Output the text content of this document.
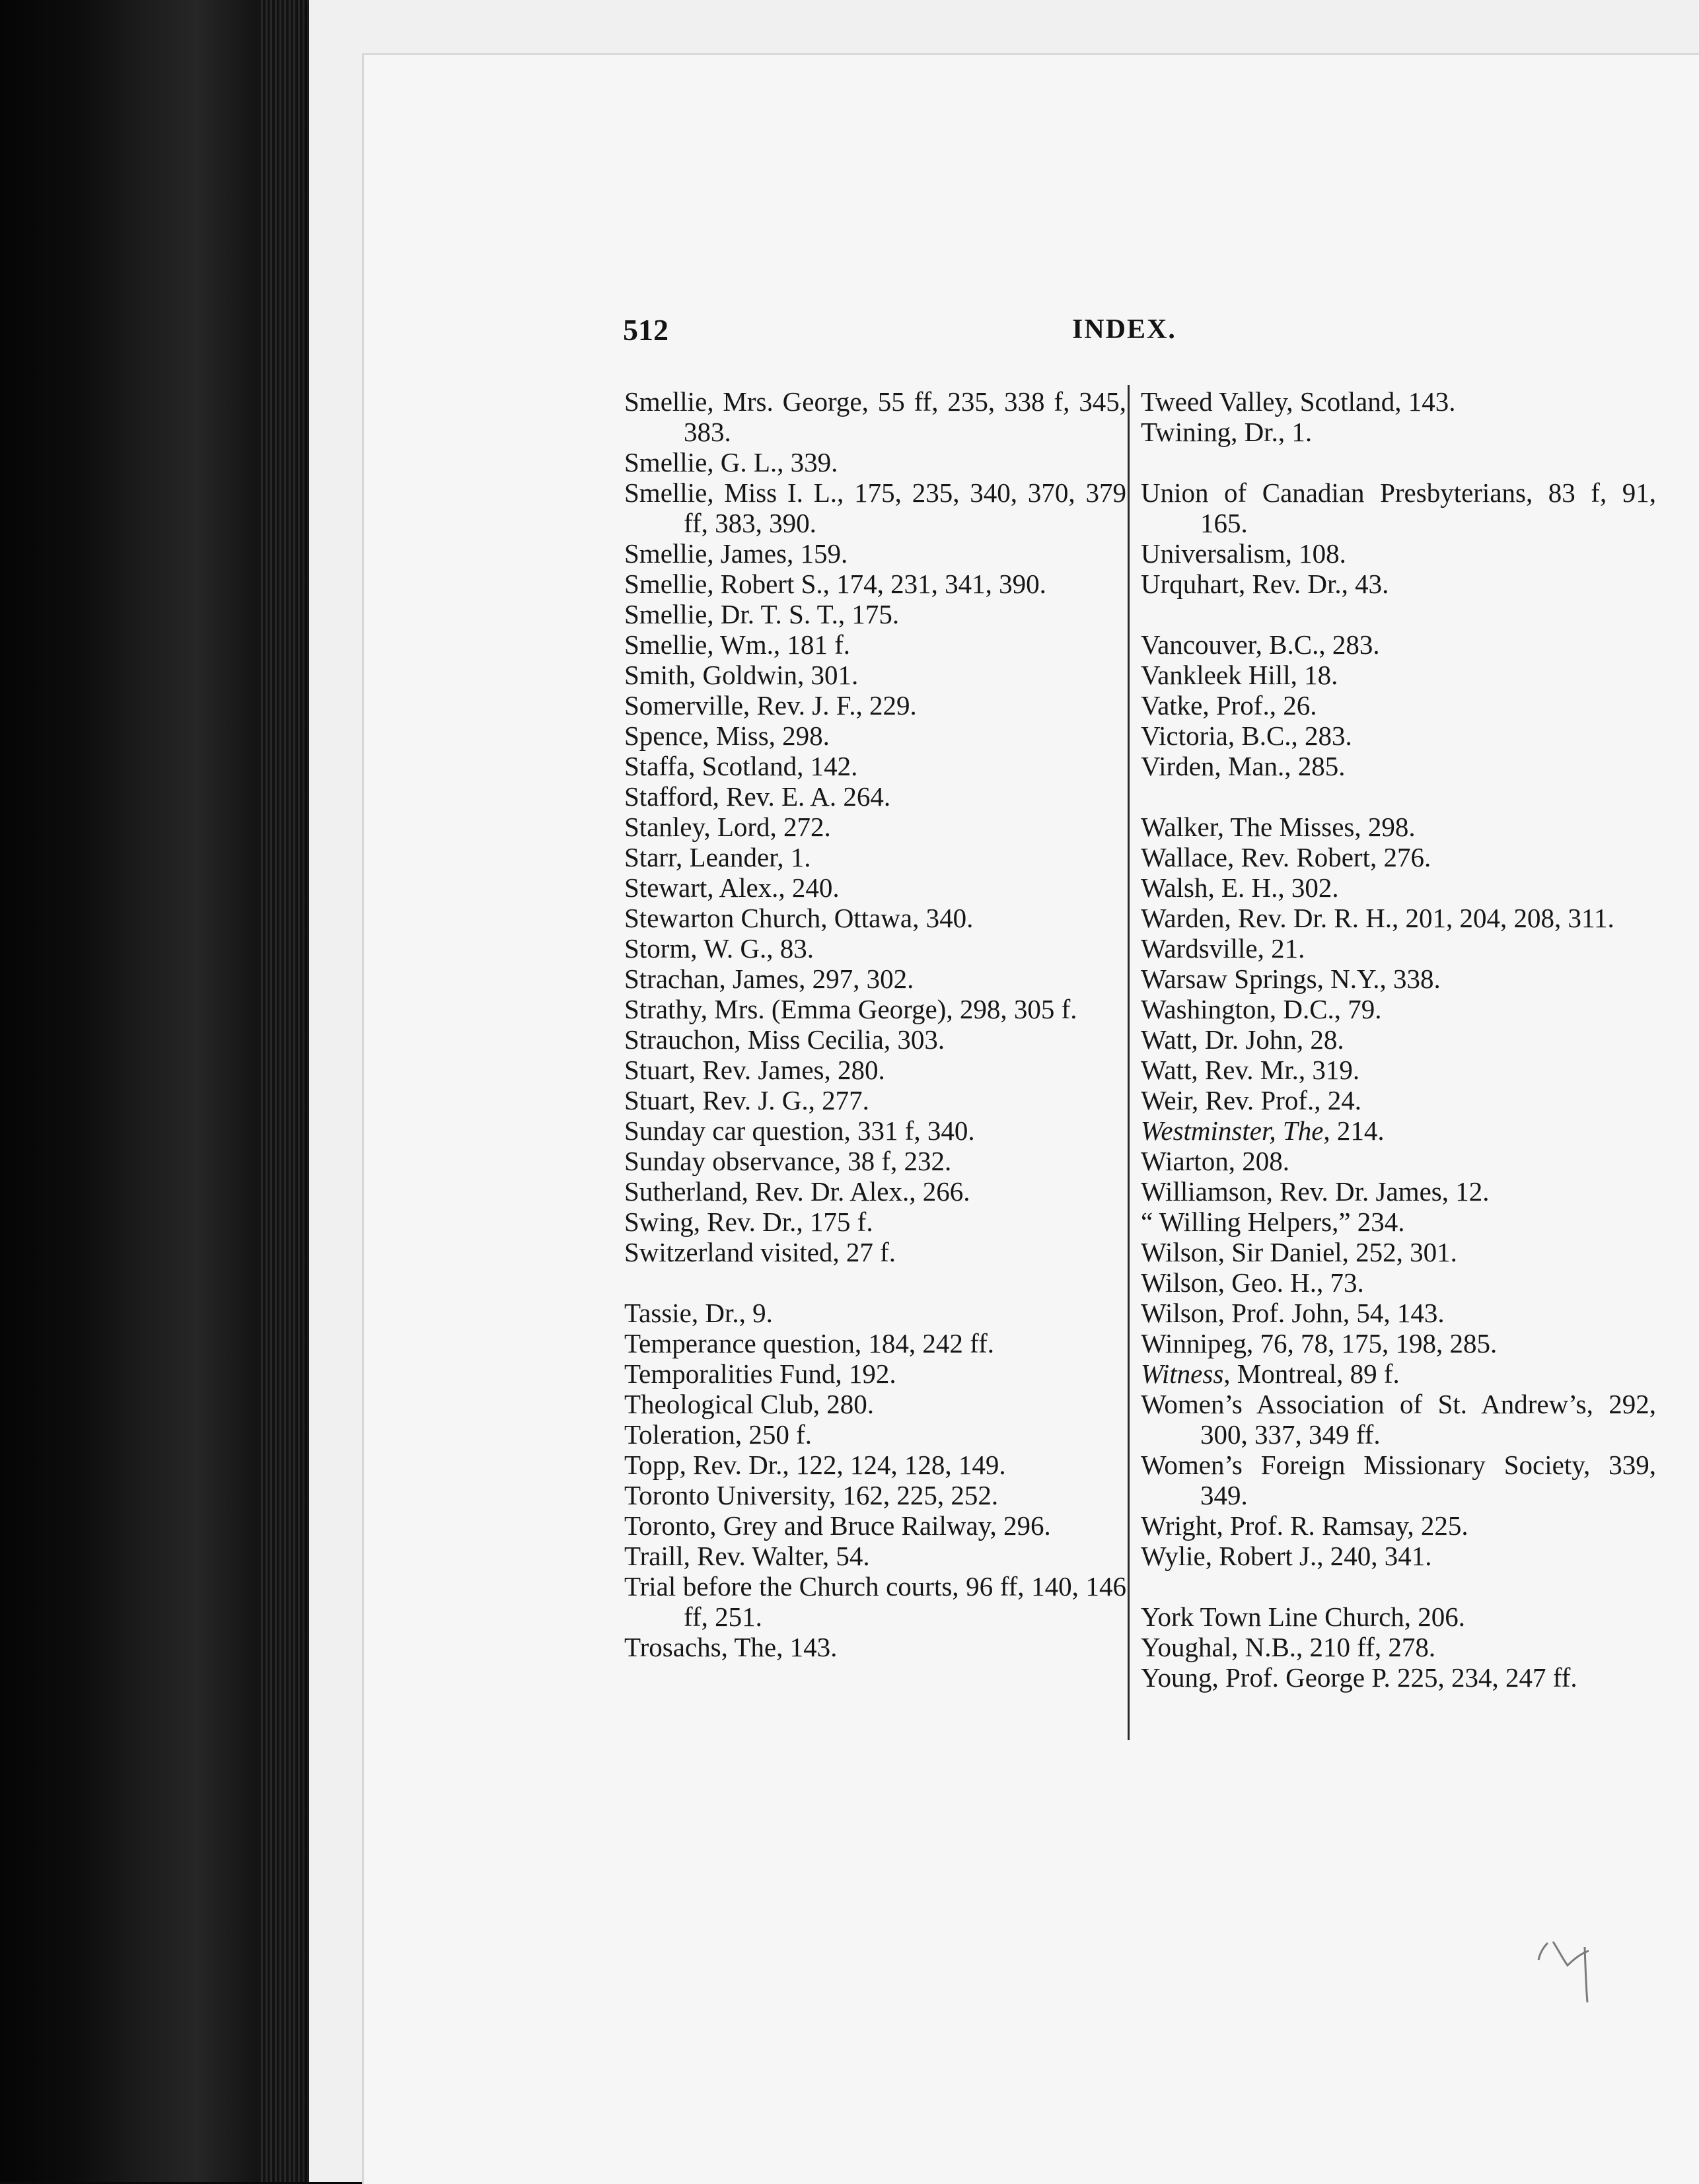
512	INDEX.

Smellie, Mrs. George, 55 ff, 235, 338 f, 345, 383.

Smellie, G. L., 339.

Smellie, Miss I. L., 175, 235, 340, 370, 379 ff, 383, 390.

Smellie, James, 159.

Smellie, Robert S., 174, 231, 341, 390.

Smellie, Dr. T. S. T., 175.

Smellie, Wm., 181 f.

Smith, Goldwin, 301.

Somerville, Rev. J. F., 229.

Spence, Miss, 298.

Staffa, Scotland, 142.

Stafford, Rev. E. A. 264.

Stanley, Lord, 272.

Starr, Leander, 1.

Stewart, Alex., 240.

Stewarton Church, Ottawa, 340.

Storm, W. G., 83.

Strachan, James, 297, 302.

Strathy, Mrs. (Emma George), 298, 305 f.

Strauchon, Miss Cecilia, 303.

Stuart, Rev. James, 280.

Stuart, Rev. J. G., 277.

Sunday car question, 331 f, 340.

Sunday observance, 38 f, 232.

Sutherland, Rev. Dr. Alex., 266.

Swing, Rev. Dr., 175 f.

Switzerland visited, 27 f.

Tassie, Dr., 9.

Temperance question, 184, 242 ff.

Temporalities Fund, 192.

Theological Club, 280.

Toleration, 250 f.

Topp, Rev. Dr., 122, 124, 128, 149.

Toronto University, 162, 225, 252.

Toronto, Grey and Bruce Railway, 296.

Traill, Rev. Walter, 54.

Trial before the Church courts, 96 ff, 140, 146 ff, 251.

Trosachs, The, 143.

Tweed Valley, Scotland, 143.

Twining, Dr., 1.

Union of Canadian Presbyterians, 83 f, 91, 165.

Universalism, 108.

Urquhart, Rev. Dr., 43.

Vancouver, B.C., 283.

Vankleek Hill, 18.

Vatke, Prof., 26.

Victoria, B.C., 283.

Virden, Man., 285.

Walker, The Misses, 298.

Wallace, Rev. Robert, 276.

Walsh, E. H., 302.

Warden, Rev. Dr. R. H., 201, 204, 208, 311.

Wardsville, 21.

Warsaw Springs, N.Y., 338.

Washington, D.C., 79.

Watt, Dr. John, 28.

Watt, Rev. Mr., 319.

Weir, Rev. Prof., 24.

Westminster, The, 214.

Wiarton, 208.

Williamson, Rev. Dr. James, 12.

“ Willing Helpers,” 234.

Wilson, Sir Daniel, 252, 301.

Wilson, Geo. H., 73.

Wilson, Prof. John, 54, 143.

Winnipeg, 76, 78, 175, 198, 285.

Witness, Montreal, 89 f.

Women’s Association of St. Andrew’s, 292, 300, 337, 349 ff.

Women’s Foreign Missionary Society, 339, 349.

Wright, Prof. R. Ramsay, 225.

Wylie, Robert J., 240, 341.

York Town Line Church, 206.

Youghal, N.B., 210 ff, 278.

Young, Prof. George P. 225, 234, 247 ff.
